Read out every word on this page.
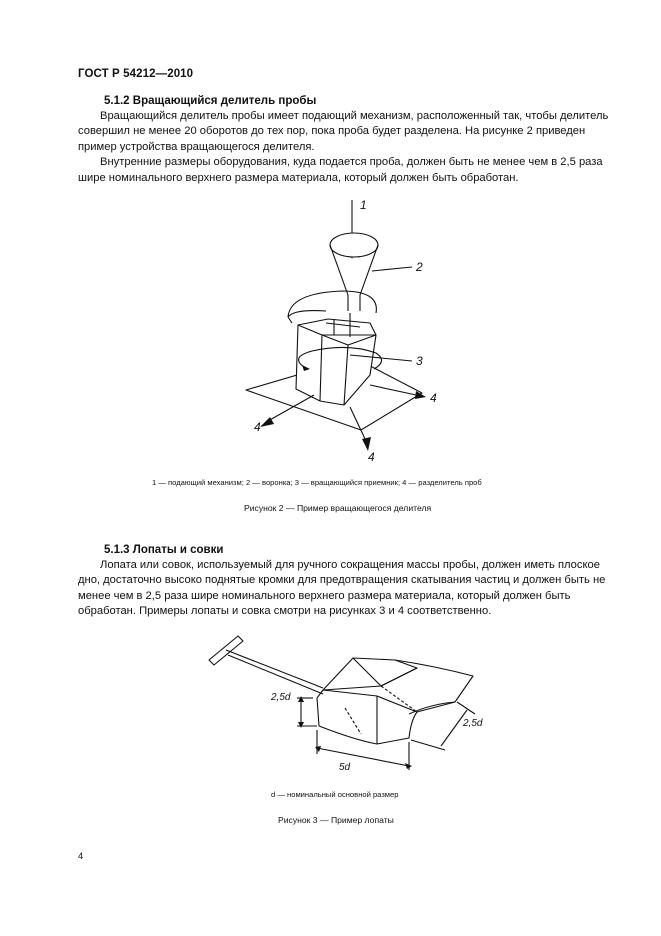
ГОСТ Р 54212—2010
5.1.2 Вращающийся делитель пробы

Вращающийся делитель пробы имеет подающий механизм, расположенный так, чтобы делитель совершил не менее 20 оборотов до тех пор, пока проба будет разделена. На рисунке 2 приведен пример устройства вращающегося делителя.

Внутренние размеры оборудования, куда подается проба, должен быть не менее чем в 2,5 раза шире номинального верхнего размера материала, который должен быть обработан.

1
2
3
4
4
4
1 — подающий механизм; 2 — воронка; 3 — вращающийся приемник; 4 — разделитель проб
Рисунок 2 — Пример вращающегося делителя
5.1.3 Лопаты и совки

Лопата или совок, используемый для ручного сокращения массы пробы, должен иметь плоское дно, достаточно высоко поднятые кромки для предотвращения скатывания частиц и должен быть не менее чем в 2,5 раза шире номинального верхнего размера материала, который должен быть обработан. Примеры лопаты и совка смотри на рисунках 3 и 4 соответственно.

2,5d
2,5d
5d
d — номинальный основной размер
Рисунок 3 — Пример лопаты
4
